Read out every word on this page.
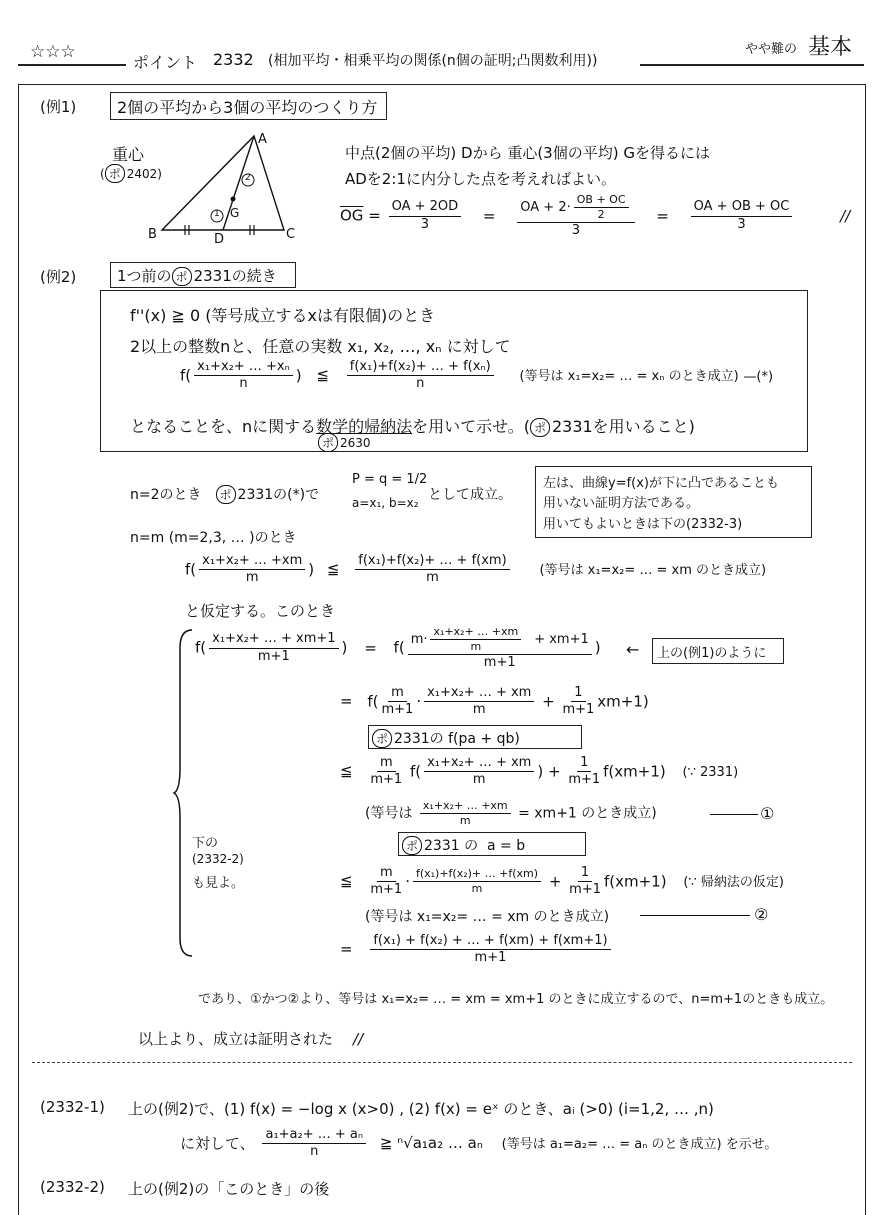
☆☆☆
ポイント 2332 (相加平均・相乗平均の関係(n個の証明;凸関数利用))
やや難の 基本
(例1)	2個の平均から3個の平均のつくり方
重心
( ポ 2402)
A
B	C
D
G
2
1
中点(2個の平均) Dから 重心(3個の平均) Gを得るには
ADを2:1に内分した点を考えればよい。
$\overline{OG} = \frac{OA + 2OD}{3} = \frac{OA + 2\cdot \frac{OB + OC}{2}}{3} = \frac{OA + OB + OC}{3}$	//
(例2)	1つ前の ポ 2331の続き
f''(x) ≧ 0 (等号成立するxは有限個)のとき
2以上の整数nと、任意の実数 x₁, x₂, …, xₙ に対して
$f( \frac{\text{x₁+x₂+ … +xₙ}}{n}$ ) ≦ $\frac{\text{f(x₁)+f(x₂)+ … + f(xₙ)}}{n}$ (等号は x₁=x₂= … = xₙ のとき成立) —(*)
となることを、nに関する数学的帰納法を用いて示せ。( ポ 2331を用いること)
ポ 2630
n=2のとき ポ 2331の(*)で
P = q = 1/2
a=x₁, b=x₂ として成立。
左は、曲線y=f(x)が下に凸であることも
用いない証明方法である。
用いてもよいときは下の(2332-3)
n=m (m=2,3, … )のとき
$f( \frac{\text{x₁+x₂+ … +xm}}{m}$ ) ≦ $\frac{\text{f(x₁)+f(x₂)+ … + f(xm)}}{m}$ (等号は x₁=x₂= … = xm のとき成立)
と仮定する。このとき
$f( \frac{\text{x₁+x₂+ … + xm+1}}{m+1}$ ) = $f( \frac{m\cdot \frac{\text{x₁+x₂+ … +xm}}{m} + xm+1}{m+1}$ ) ← 上の(例1)のように
= $f( \frac{m}{m+1} \cdot \frac{\text{x₁+x₂+ … + xm}}{m} + \frac{1}{m+1} xm+1)$
ポ 2331の f(pa + qb)
≦ $\frac{m}{m+1} f( \frac{\text{x₁+x₂+ … + xm}}{m}$ ) + $\frac{1}{m+1} f(xm+1)$ (∵ 2331)
(等号は $\frac{\text{x₁+x₂+ … +xm}}{m} = xm+1$ のとき成立)	①
ポ 2331 の  a = b
下の
(2332-2)
も見よ。	≦ $\frac{m}{m+1} \cdot \frac{\text{f(x₁)+f(x₂)+ … +f(xm)}}{m} + \frac{1}{m+1} f(xm+1)$ (∵ 帰納法の仮定)
(等号は x₁=x₂= … = xm のとき成立)	②
= $\frac{\text{f(x₁) + f(x₂) + … + f(xm) + f(xm+1)}}{m+1}$
であり、①かつ②より、等号は x₁=x₂= … = xm = xm+1 のときに成立するので、n=m+1のときも成立。
以上より、成立は証明された //
(2332-1) 上の(例2)で、(1) f(x) = −log x (x>0) , (2) f(x) = eˣ のとき、aᵢ (>0) (i=1,2, … ,n)
に対して、 $\frac{\text{a₁+a₂+ … + aₙ}}{n}$ ≧ ⁿ√a₁a₂ … aₙ (等号は a₁=a₂= … = aₙ のとき成立) を示せ。
(2332-2) 上の(例2)の「このとき」の後
